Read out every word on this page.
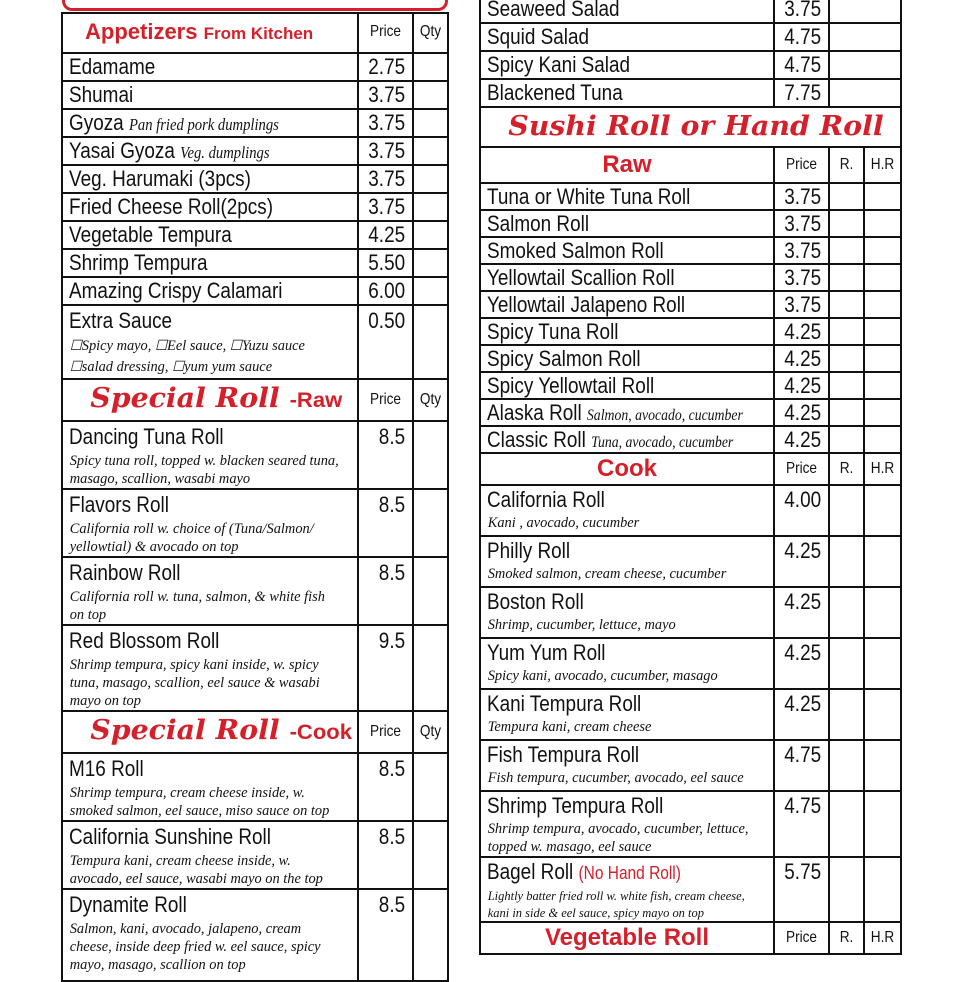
Appetizers From Kitchen	Price	Qty

Edamame	2.75	

Shumai	3.75	

Gyoza Pan fried pork dumplings	3.75	

Yasai Gyoza Veg. dumplings	3.75	

Veg. Harumaki (3pcs)	3.75	

Fried Cheese Roll(2pcs)	3.75	

Vegetable Tempura	4.25	

Shrimp Tempura	5.50	

Amazing Crispy Calamari	6.00	

Extra Sauce
☐Spicy mayo, ☐Eel sauce, ☐Yuzu sauce
☐salad dressing, ☐yum yum sauce	0.50	

Special Roll -Raw	Price	Qty

Dancing Tuna Roll
Spicy tuna roll, topped w. blacken seared tuna, masago, scallion, wasabi mayo	8.5	

Flavors Roll
California roll w. choice of (Tuna/Salmon/ yellowtial) & avocado on top	8.5	

Rainbow Roll
California roll w. tuna, salmon, & white fish on top	8.5	

Red Blossom Roll
Shrimp tempura, spicy kani inside, w. spicy tuna, masago, scallion, eel sauce & wasabi mayo on top	9.5	

Special Roll -Cook	Price	Qty

M16 Roll
Shrimp tempura, cream cheese inside, w. smoked salmon, eel sauce, miso sauce on top	8.5	

California Sunshine Roll
Tempura kani, cream cheese inside, w. avocado, eel sauce, wasabi mayo on the top	8.5	

Dynamite Roll
Salmon, kani, avocado, jalapeno, cream cheese, inside deep fried w. eel sauce, spicy mayo, masago, scallion on top	8.5	

Seaweed Salad	3.75		

Squid Salad	4.75		

Spicy Kani Salad	4.75		

Blackened Tuna	7.75		

Sushi Roll or Hand Roll			

Raw	Price	R.	H.R

Tuna or White Tuna Roll	3.75		

Salmon Roll	3.75		

Smoked Salmon Roll	3.75		

Yellowtail Scallion Roll	3.75		

Yellowtail Jalapeno Roll	3.75		

Spicy Tuna Roll	4.25		

Spicy Salmon Roll	4.25		

Spicy Yellowtail Roll	4.25		

Alaska Roll Salmon, avocado, cucumber	4.25		

Classic Roll Tuna, avocado, cucumber	4.25		

Cook	Price	R.	H.R

California Roll
Kani , avocado, cucumber	4.00		

Philly Roll
Smoked salmon, cream cheese, cucumber	4.25		

Boston Roll
Shrimp, cucumber, lettuce, mayo	4.25		

Yum Yum Roll
Spicy kani, avocado, cucumber, masago	4.25		

Kani Tempura Roll
Tempura kani, cream cheese	4.25		

Fish Tempura Roll
Fish tempura, cucumber, avocado, eel sauce	4.75		

Shrimp Tempura Roll
Shrimp tempura, avocado, cucumber, lettuce, topped w. masago, eel sauce	4.75		

Bagel Roll (No Hand Roll)
Lightly batter fried roll w. white fish, cream cheese, kani in side & eel sauce, spicy mayo on top	5.75		

Vegetable Roll	Price	R.	H.R
